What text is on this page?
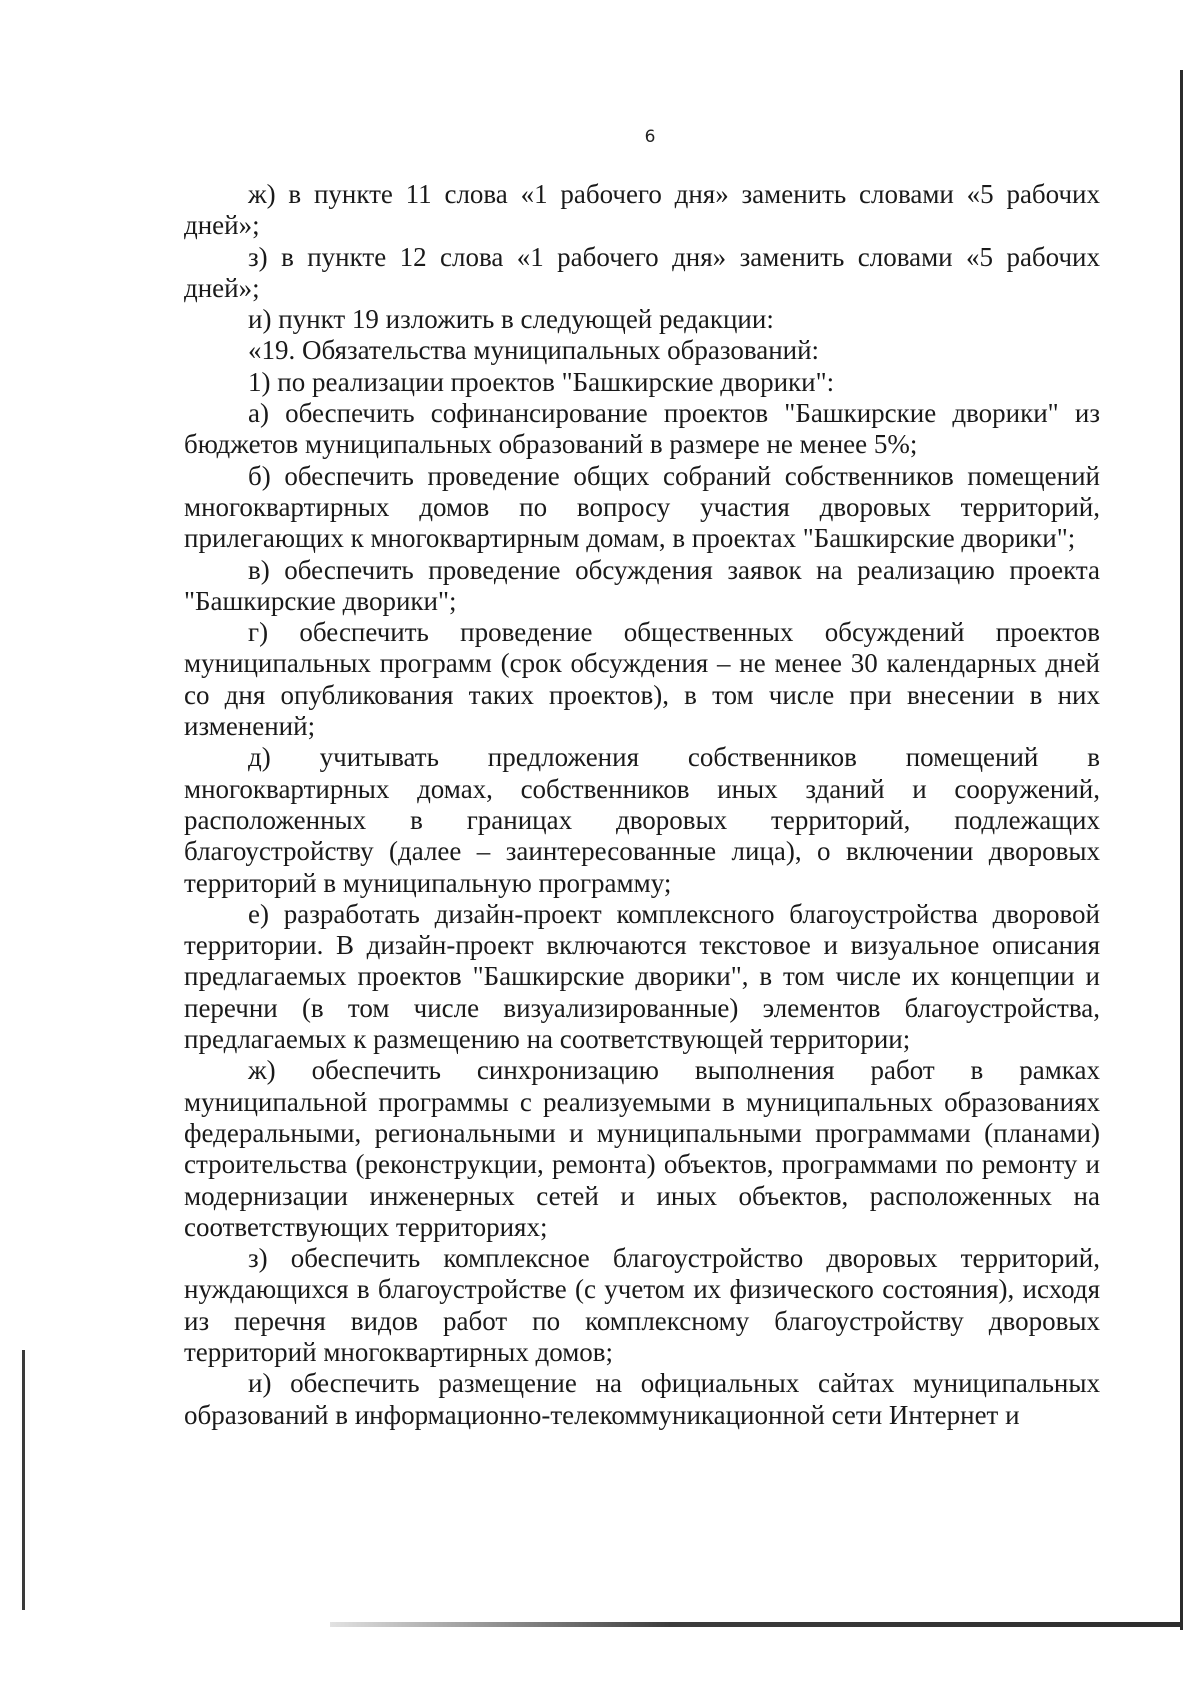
6

ж) в пункте 11 слова «1 рабочего дня» заменить словами «5 рабочих дней»;

з) в пункте 12 слова «1 рабочего дня» заменить словами «5 рабочих дней»;

и) пункт 19 изложить в следующей редакции:

«19. Обязательства муниципальных образований:

1) по реализации проектов "Башкирские дворики":

а) обеспечить софинансирование проектов "Башкирские дворики" из бюджетов муниципальных образований в размере не менее 5%;

б) обеспечить проведение общих собраний собственников помещений многоквартирных домов по вопросу участия дворовых территорий, прилегающих к многоквартирным домам, в проектах "Башкирские дворики";

в) обеспечить проведение обсуждения заявок на реализацию проекта "Башкирские дворики";

г) обеспечить проведение общественных обсуждений проектов муниципальных программ (срок обсуждения – не менее 30 календарных дней со дня опубликования таких проектов), в том числе при внесении в них изменений;

д) учитывать предложения собственников помещений в многоквартирных домах, собственников иных зданий и сооружений, расположенных в границах дворовых территорий, подлежащих благоустройству (далее – заинтересованные лица), о включении дворовых территорий в муниципальную программу;

е) разработать дизайн-проект комплексного благоустройства дворовой территории. В дизайн-проект включаются текстовое и визуальное описания предлагаемых проектов "Башкирские дворики", в том числе их концепции и перечни (в том числе визуализированные) элементов благоустройства, предлагаемых к размещению на соответствующей территории;

ж) обеспечить синхронизацию выполнения работ в рамках муниципальной программы с реализуемыми в муниципальных образованиях федеральными, региональными и муниципальными программами (планами) строительства (реконструкции, ремонта) объектов, программами по ремонту и модернизации инженерных сетей и иных объектов, расположенных на соответствующих территориях;

з) обеспечить комплексное благоустройство дворовых территорий, нуждающихся в благоустройстве (с учетом их физического состояния), исходя из перечня видов работ по комплексному благоустройству дворовых территорий многоквартирных домов;

и) обеспечить размещение на официальных сайтах муниципальных образований в информационно-телекоммуникационной сети Интернет и
